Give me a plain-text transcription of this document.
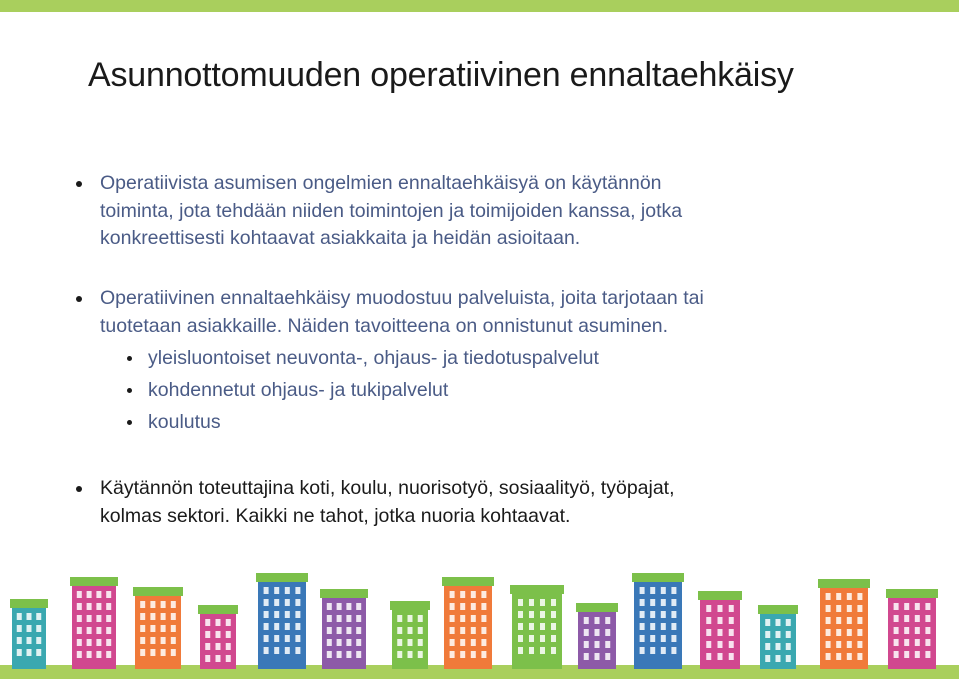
Asunnottomuuden operatiivinen ennaltaehkäisy
Operatiivista asumisen ongelmien ennaltaehkäisyä on käytännön
toiminta, jota tehdään niiden toimintojen ja toimijoiden kanssa, jotka
konkreettisesti kohtaavat asiakkaita ja heidän asioitaan.
Operatiivinen ennaltaehkäisy muodostuu palveluista, joita tarjotaan tai
tuotetaan asiakkaille. Näiden tavoitteena on onnistunut asuminen.
yleisluontoiset neuvonta-, ohjaus- ja tiedotuspalvelut
kohdennetut ohjaus- ja tukipalvelut
koulutus
Käytännön toteuttajina koti, koulu, nuorisotyö, sosiaalityö, työpajat,
kolmas sektori. Kaikki ne tahot, jotka nuoria kohtaavat.
